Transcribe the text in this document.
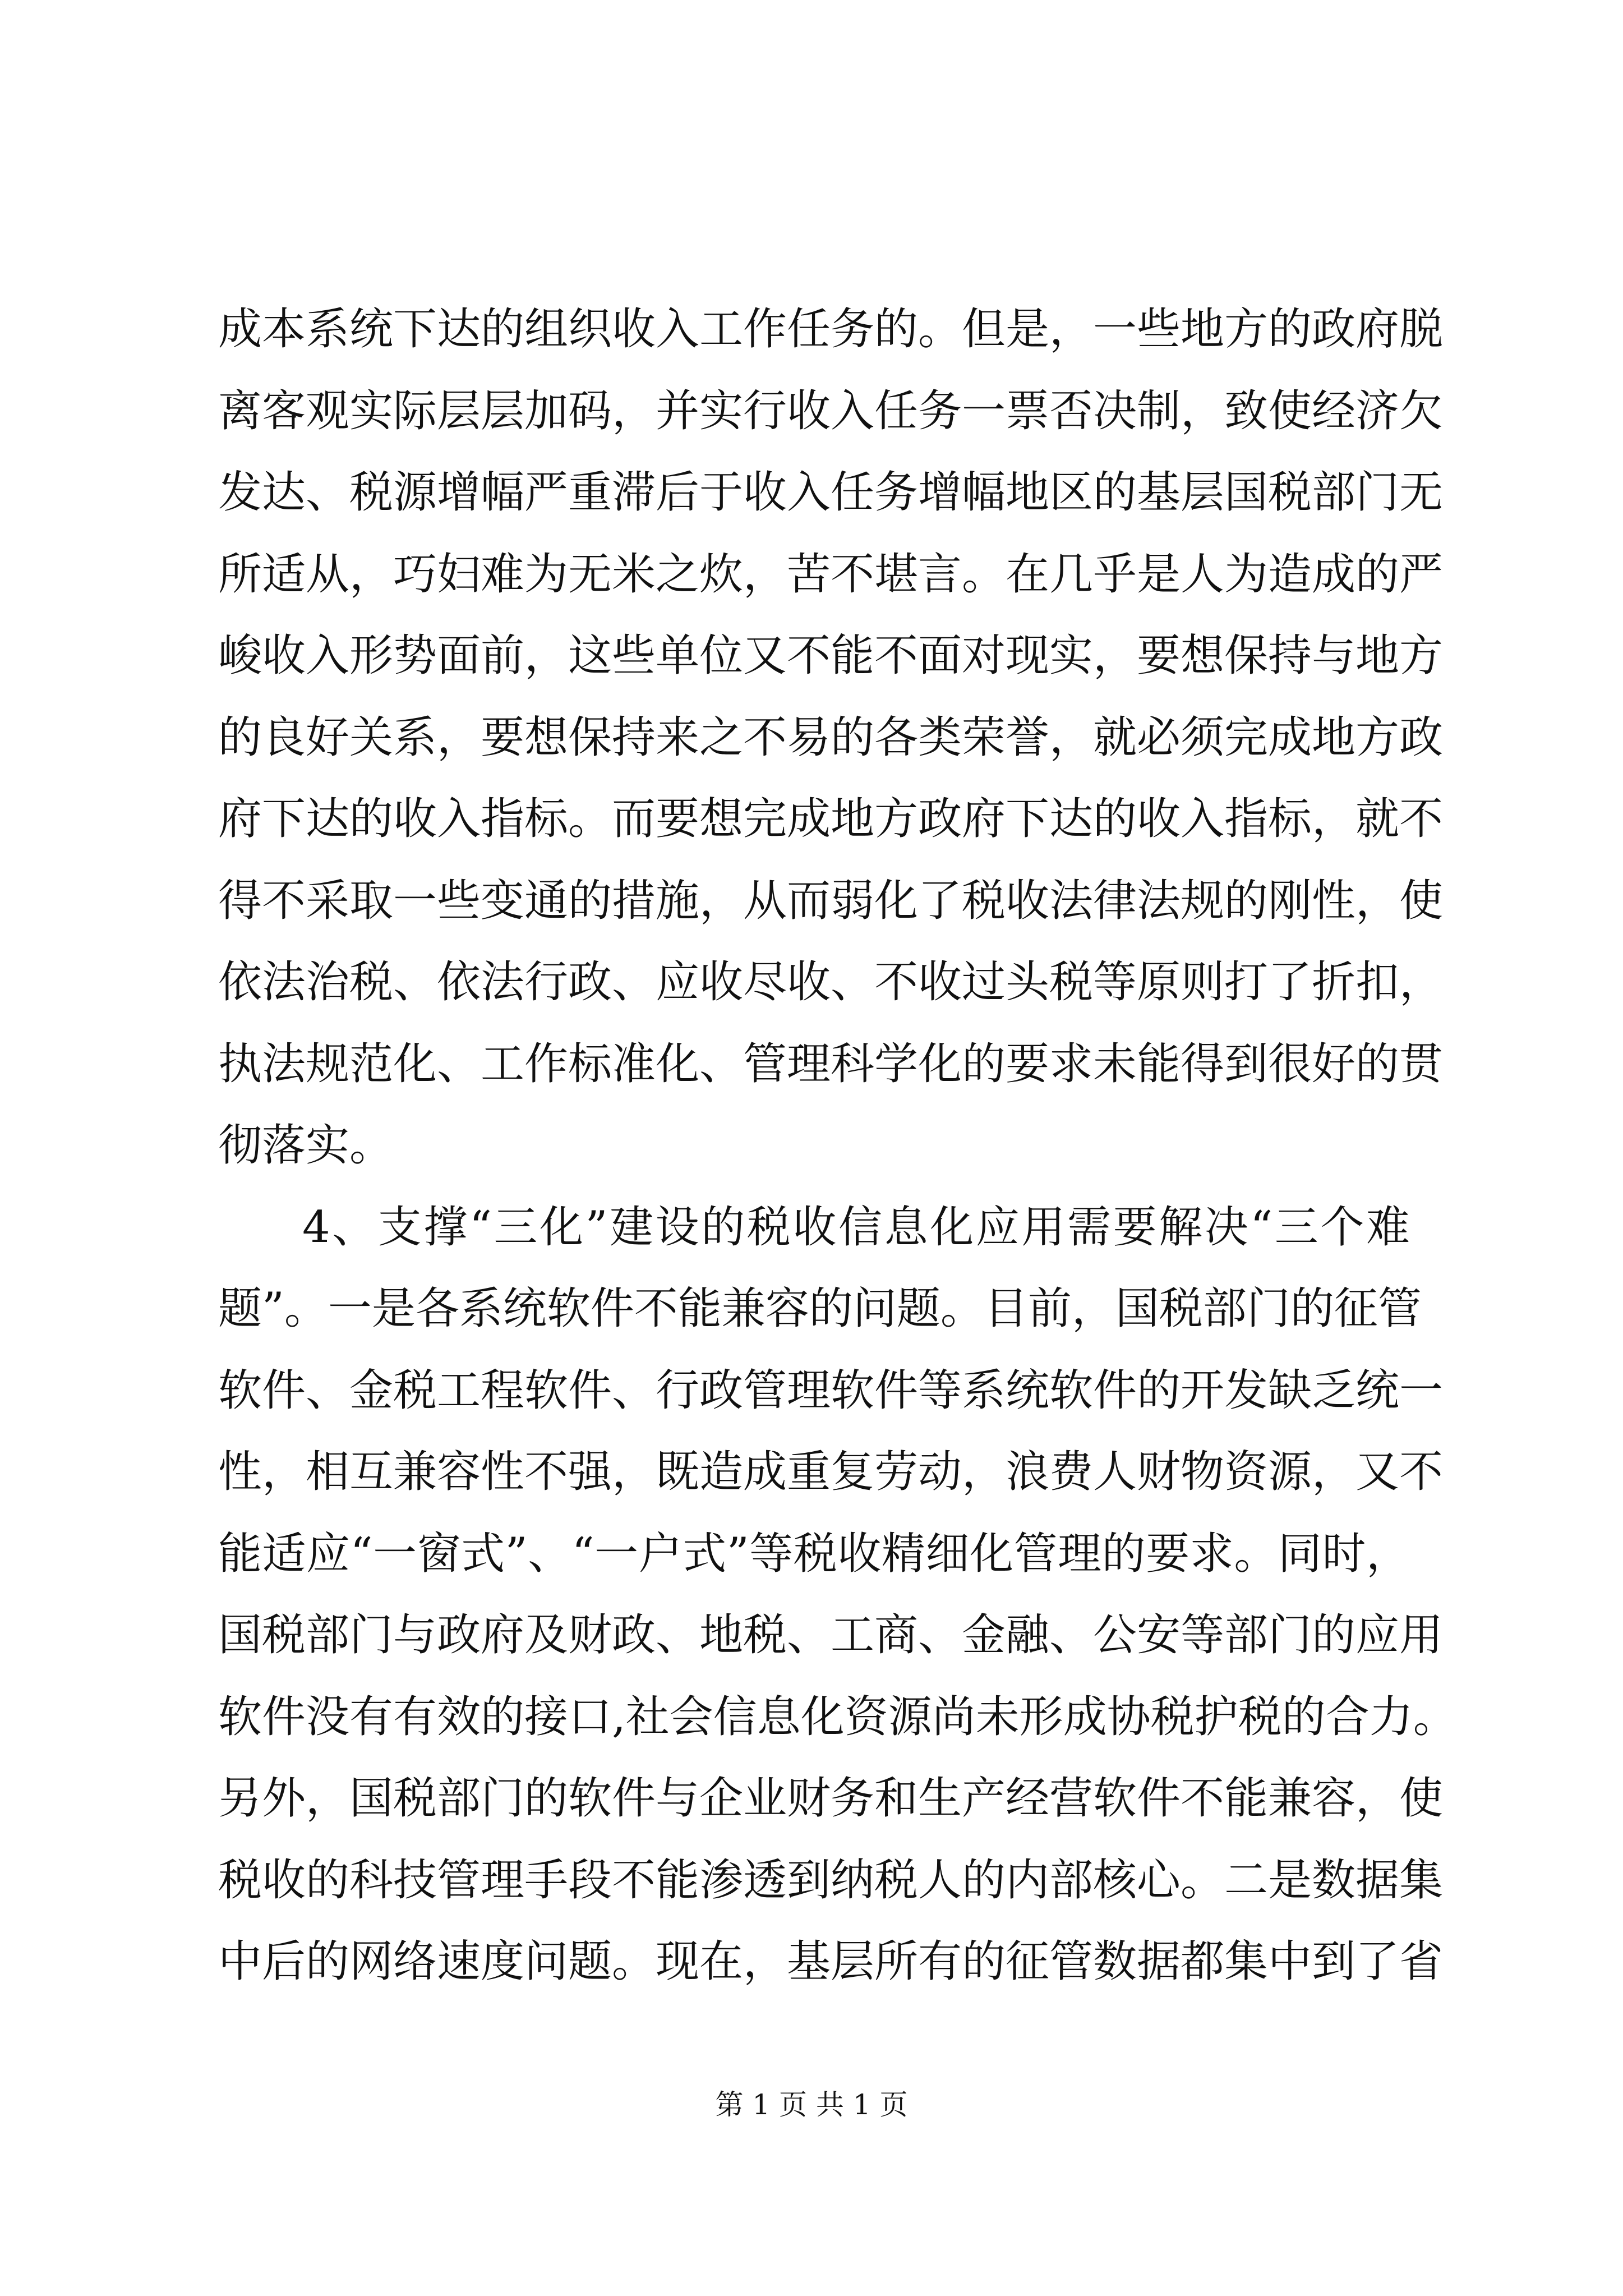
成本系统下达的组织收入工作任务的。但是，一些地方的政府脱
离客观实际层层加码，并实行收入任务一票否决制，致使经济欠
发达、税源增幅严重滞后于收入任务增幅地区的基层国税部门无
所适从，巧妇难为无米之炊，苦不堪言。在几乎是人为造成的严
峻收入形势面前，这些单位又不能不面对现实，要想保持与地方
的良好关系，要想保持来之不易的各类荣誉，就必须完成地方政
府下达的收入指标。而要想完成地方政府下达的收入指标，就不
得不采取一些变通的措施，从而弱化了税收法律法规的刚性，使
依法治税、依法行政、应收尽收、不收过头税等原则打了折扣，
执法规范化、工作标准化、管理科学化的要求未能得到很好的贯
彻落实。
4、支撑“三化”建设的税收信息化应用需要解决“三个难
题”。一是各系统软件不能兼容的问题。目前，国税部门的征管
软件、金税工程软件、行政管理软件等系统软件的开发缺乏统一
性，相互兼容性不强，既造成重复劳动，浪费人财物资源，又不
能适应“一窗式”、“一户式”等税收精细化管理的要求。同时，
国税部门与政府及财政、地税、工商、金融、公安等部门的应用
软件没有有效的接口,社会信息化资源尚未形成协税护税的合力。
另外，国税部门的软件与企业财务和生产经营软件不能兼容，使
税收的科技管理手段不能渗透到纳税人的内部核心。二是数据集
中后的网络速度问题。现在，基层所有的征管数据都集中到了省
第 1 页 共 1 页
